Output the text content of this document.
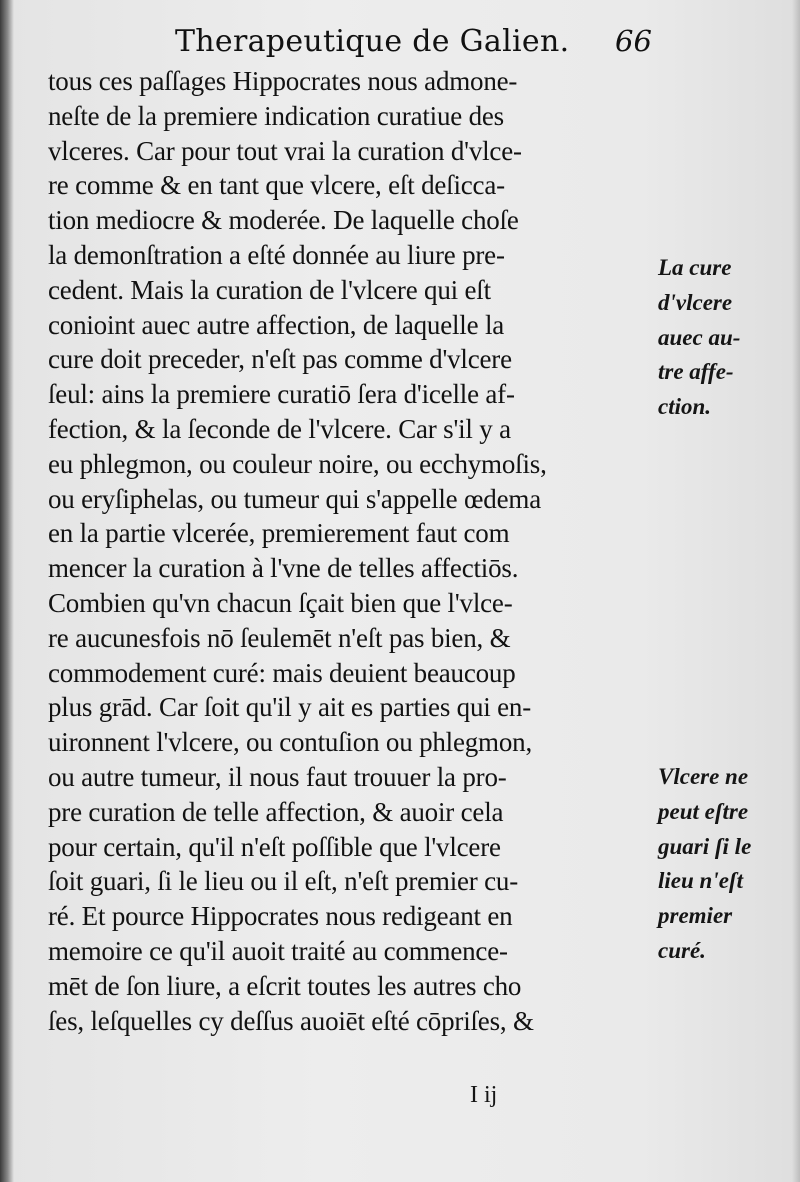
Therapeutique de Galien. 66
tous ces paſſages Hippocrates nous admone-
neſte de la premiere indication curatiue des
vlceres. Car pour tout vrai la curation d'vlce-
re comme & en tant que vlcere, eſt deſicca-
tion mediocre & moderée. De laquelle choſe
la demonſtration a eſté donnée au liure pre-
cedent. Mais la curation de l'vlcere qui eſt
conioint auec autre affection, de laquelle la
cure doit preceder, n'eſt pas comme d'vlcere
ſeul: ains la premiere curatiō ſera d'icelle af-
fection, & la ſeconde de l'vlcere. Car s'il y a
eu phlegmon, ou couleur noire, ou ecchymoſis,
ou eryſiphelas, ou tumeur qui s'appelle œdema
en la partie vlcerée, premierement faut com
mencer la curation à l'vne de telles affectiōs.
Combien qu'vn chacun ſçait bien que l'vlce-
re aucunesfois nō ſeulemēt n'eſt pas bien, &
commodement curé: mais deuient beaucoup
plus grād. Car ſoit qu'il y ait es parties qui en-
uironnent l'vlcere, ou contuſion ou phlegmon,
ou autre tumeur, il nous faut trouuer la pro-
pre curation de telle affection, & auoir cela
pour certain, qu'il n'eſt poſſible que l'vlcere
ſoit guari, ſi le lieu ou il eſt, n'eſt premier cu-
ré. Et pource Hippocrates nous redigeant en
memoire ce qu'il auoit traité au commence-
mēt de ſon liure, a eſcrit toutes les autres cho
ſes, leſquelles cy deſſus auoiēt eſté cōpriſes, &
La cure
d'vlcere
auec au-
tre affe-
ction.
Vlcere ne
peut eſtre
guari ſi le
lieu n'eſt
premier
curé.
I ij
